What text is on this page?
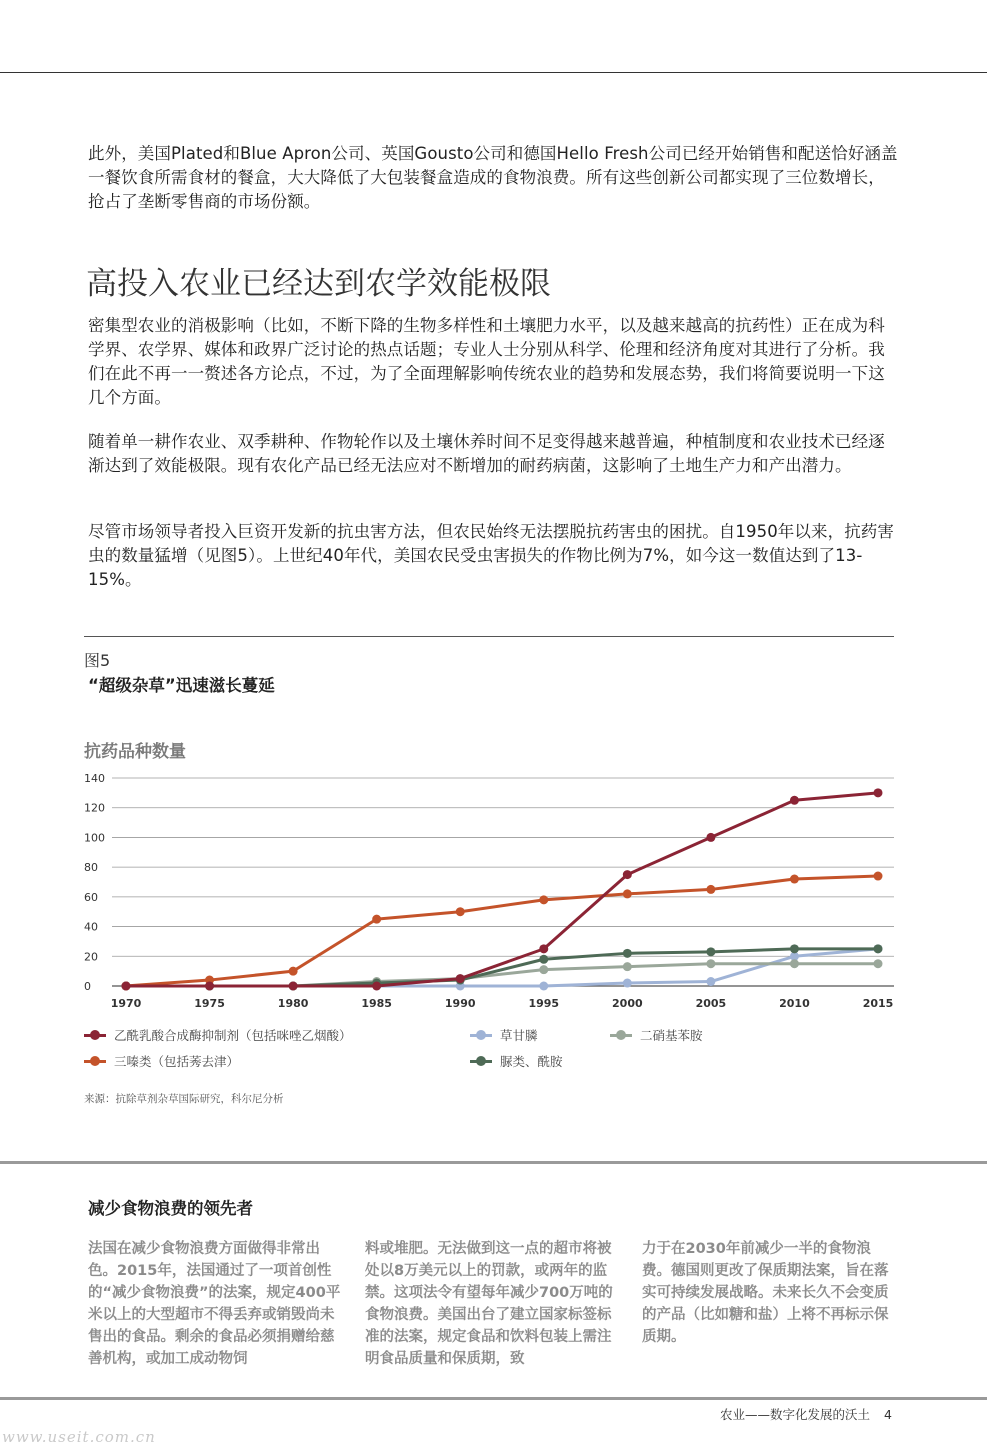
此外，美国Plated和Blue Apron公司、英国Gousto公司和德国Hello Fresh公司已经开始销售和配送恰好涵盖一餐饮食所需食材的餐盒，大大降低了大包装餐盒造成的食物浪费。所有这些创新公司都实现了三位数增长，抢占了垄断零售商的市场份额。

高投入农业已经达到农学效能极限

密集型农业的消极影响（比如，不断下降的生物多样性和土壤肥力水平，以及越来越高的抗药性）正在成为科学界、农学界、媒体和政界广泛讨论的热点话题；专业人士分别从科学、伦理和经济角度对其进行了分析。我们在此不再一一赘述各方论点，不过，为了全面理解影响传统农业的趋势和发展态势，我们将简要说明一下这几个方面。

随着单一耕作农业、双季耕种、作物轮作以及土壤休养时间不足变得越来越普遍，种植制度和农业技术已经逐渐达到了效能极限。现有农化产品已经无法应对不断增加的耐药病菌，这影响了土地生产力和产出潜力。

尽管市场领导者投入巨资开发新的抗虫害方法，但农民始终无法摆脱抗药害虫的困扰。自1950年以来，抗药害虫的数量猛增（见图5）。上世纪40年代，美国农民受虫害损失的作物比例为7%，如今这一数值达到了13-15%。

图5
“超级杂草”迅速滋长蔓延
抗药品种数量
0
20
40
60
80
100
120
140
1970	1975	1980	1985	1990	1995	2000	2005	2010	2015
乙酰乳酸合成酶抑制剂（包括咪唑乙烟酸）	草甘膦	二硝基苯胺
三嗪类（包括莠去津）	脲类、酰胺
来源：抗除草剂杂草国际研究，科尔尼分析
减少食物浪费的领先者
法国在减少食物浪费方面做得非常出色。2015年，法国通过了一项首创性的“减少食物浪费”的法案，规定400平米以上的大型超市不得丢弃或销毁尚未售出的食品。剩余的食品必须捐赠给慈善机构，或加工成动物饲
料或堆肥。无法做到这一点的超市将被处以8万美元以上的罚款，或两年的监禁。这项法令有望每年减少700万吨的食物浪费。美国出台了建立国家标签标准的法案，规定食品和饮料包装上需注明食品质量和保质期，致
力于在2030年前减少一半的食物浪费。德国则更改了保质期法案，旨在落实可持续发展战略。未来长久不会变质的产品（比如糖和盐）上将不再标示保质期。
农业——数字化发展的沃土 4
www.useit.com.cn
